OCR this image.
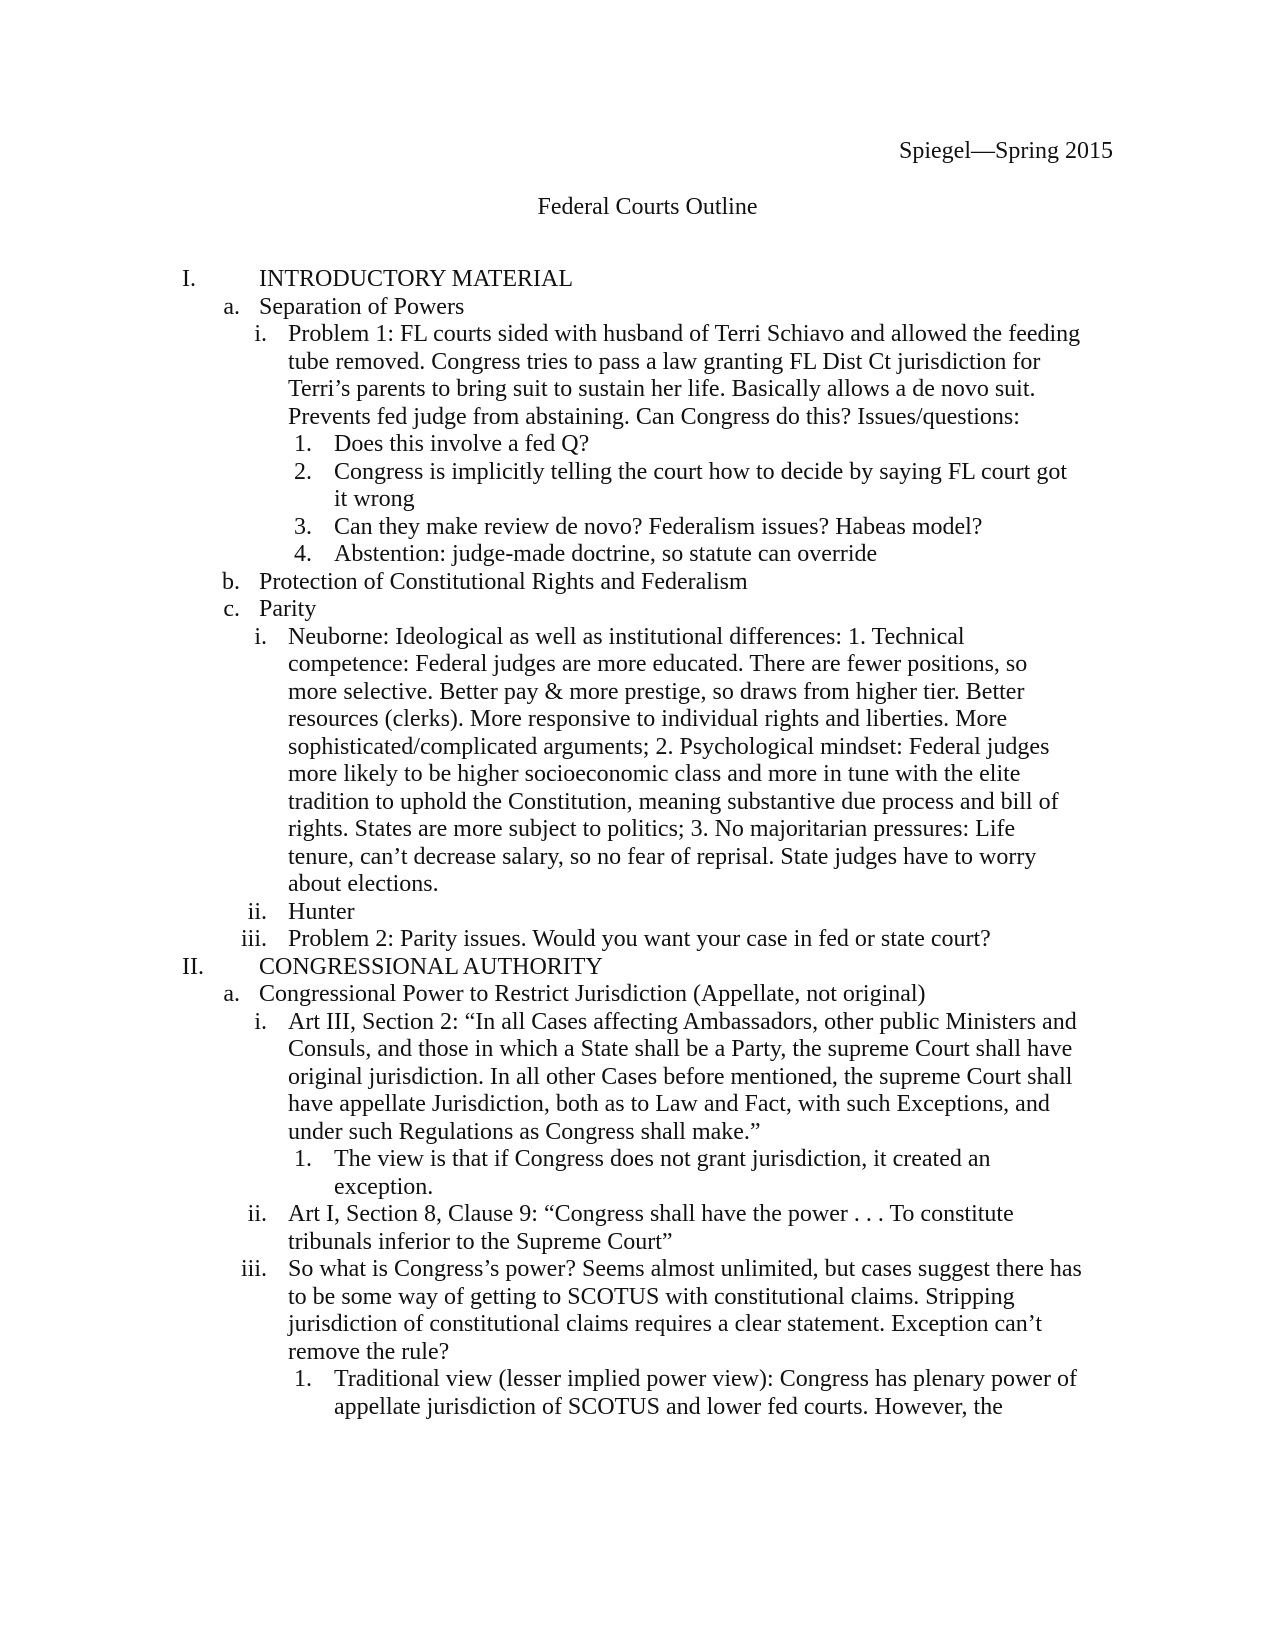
Spiegel—Spring 2015
Federal Courts Outline
I.	INTRODUCTORY MATERIAL
a. Separation of Powers
i. Problem 1: FL courts sided with husband of Terri Schiavo and allowed the feeding tube removed. Congress tries to pass a law granting FL Dist Ct jurisdiction for Terri’s parents to bring suit to sustain her life. Basically allows a de novo suit. Prevents fed judge from abstaining. Can Congress do this? Issues/questions:
1. Does this involve a fed Q?
2. Congress is implicitly telling the court how to decide by saying FL court got it wrong
3. Can they make review de novo? Federalism issues? Habeas model?
4. Abstention: judge-made doctrine, so statute can override
b. Protection of Constitutional Rights and Federalism
c. Parity
i. Neuborne: Ideological as well as institutional differences: 1. Technical competence: Federal judges are more educated. There are fewer positions, so more selective. Better pay & more prestige, so draws from higher tier. Better resources (clerks). More responsive to individual rights and liberties. More sophisticated/complicated arguments; 2. Psychological mindset: Federal judges more likely to be higher socioeconomic class and more in tune with the elite tradition to uphold the Constitution, meaning substantive due process and bill of rights. States are more subject to politics; 3. No majoritarian pressures: Life tenure, can’t decrease salary, so no fear of reprisal. State judges have to worry about elections.
ii. Hunter
iii. Problem 2: Parity issues. Would you want your case in fed or state court?
II. CONGRESSIONAL AUTHORITY
a. Congressional Power to Restrict Jurisdiction (Appellate, not original)
i. Art III, Section 2: “In all Cases affecting Ambassadors, other public Ministers and Consuls, and those in which a State shall be a Party, the supreme Court shall have original jurisdiction. In all other Cases before mentioned, the supreme Court shall have appellate Jurisdiction, both as to Law and Fact, with such Exceptions, and under such Regulations as Congress shall make.”
1. The view is that if Congress does not grant jurisdiction, it created an exception.
ii. Art I, Section 8, Clause 9: “Congress shall have the power . . . To constitute tribunals inferior to the Supreme Court”
iii. So what is Congress’s power? Seems almost unlimited, but cases suggest there has to be some way of getting to SCOTUS with constitutional claims. Stripping jurisdiction of constitutional claims requires a clear statement. Exception can’t remove the rule?
1. Traditional view (lesser implied power view): Congress has plenary power of appellate jurisdiction of SCOTUS and lower fed courts. However, the
